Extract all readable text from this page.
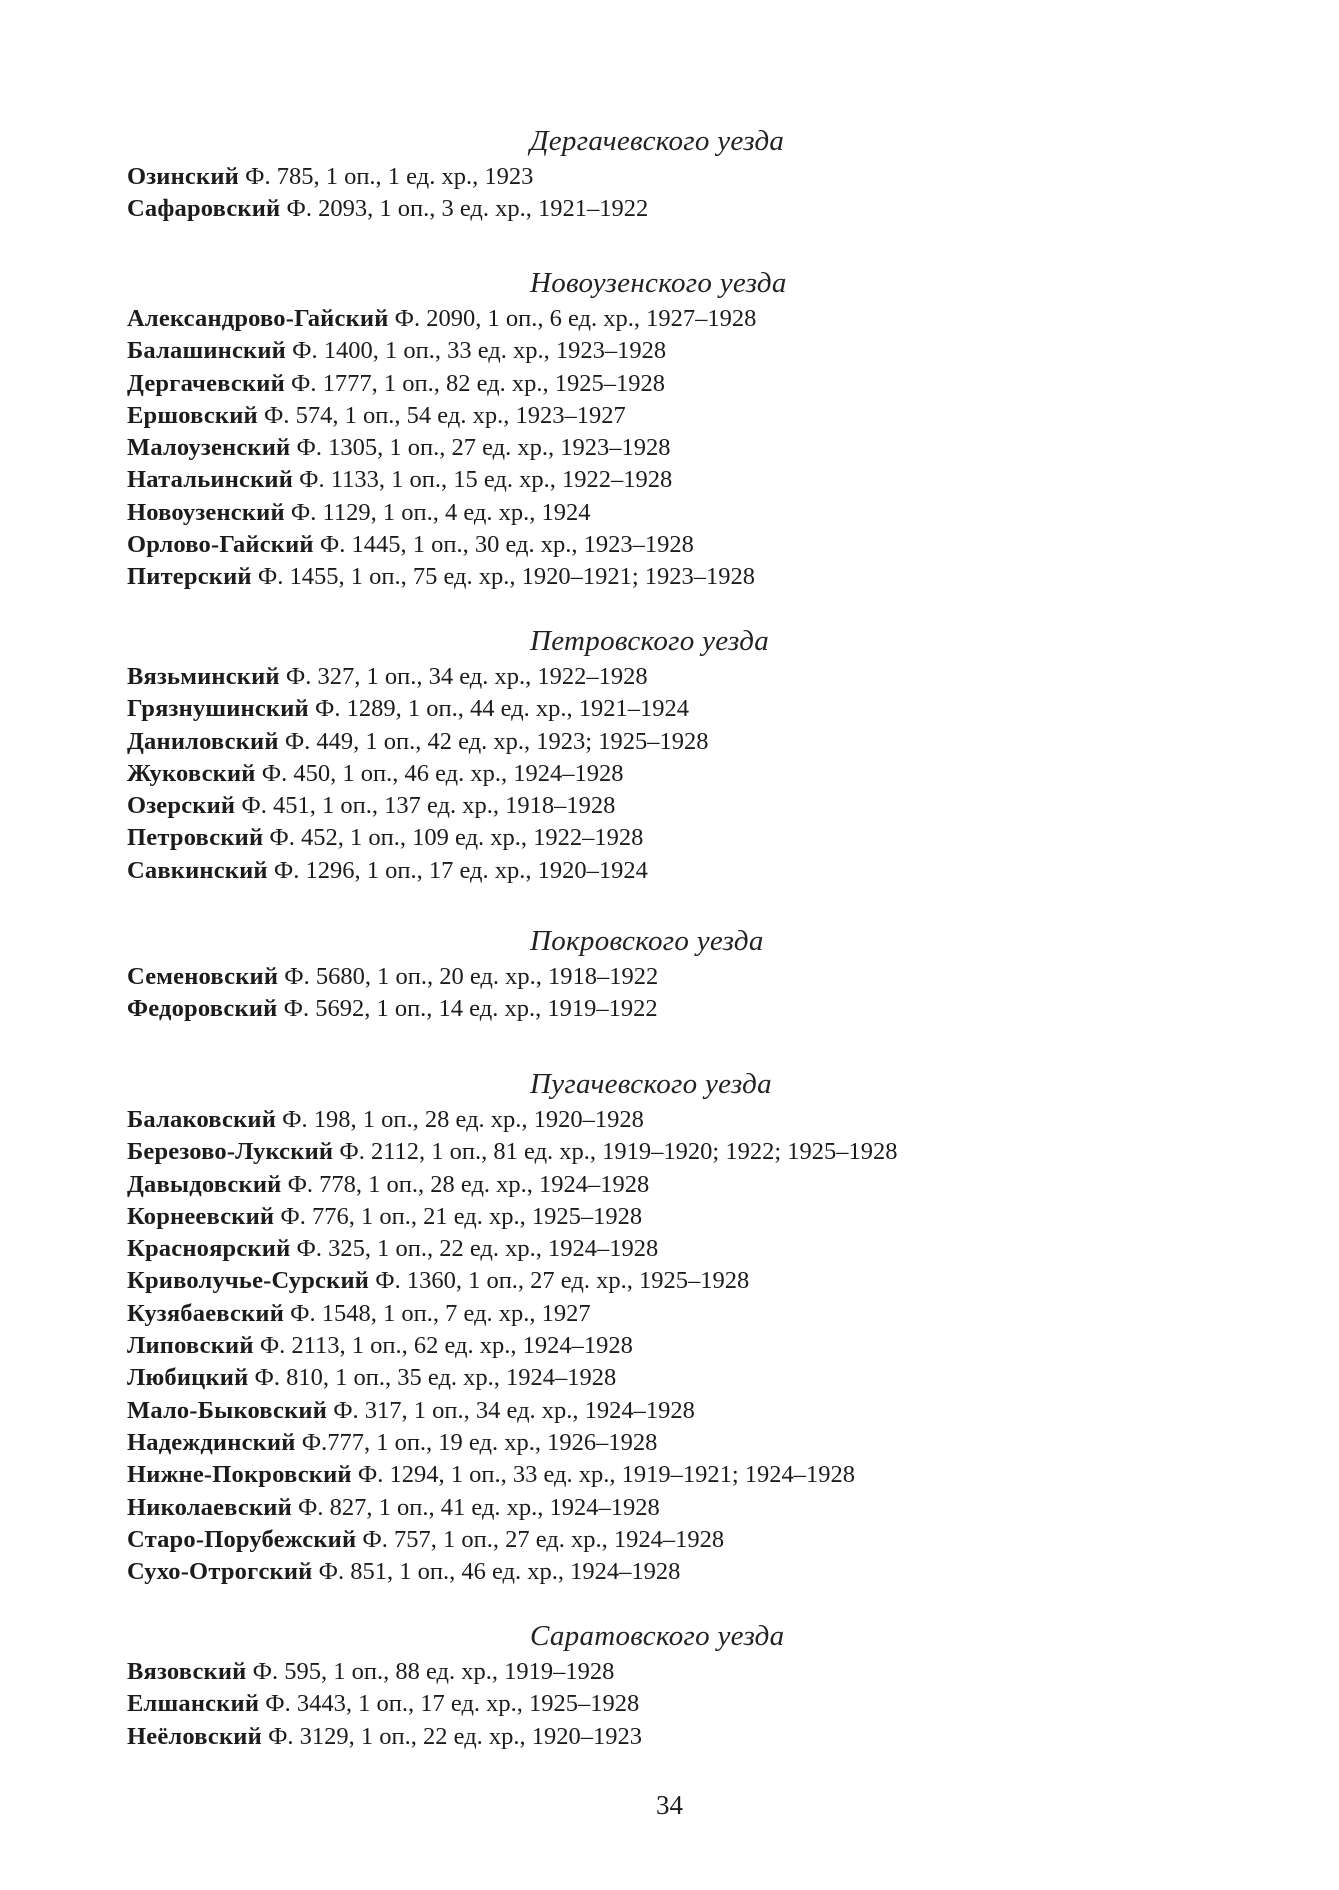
Дергачевского уезда
Озинский Ф. 785, 1 оп., 1 ед. хр., 1923
Сафаровский Ф. 2093, 1 оп., 3 ед. хр., 1921–1922
Новоузенского уезда
Александрово-Гайский Ф. 2090, 1 оп., 6 ед. хр., 1927–1928
Балашинский Ф. 1400, 1 оп., 33 ед. хр., 1923–1928
Дергачевский Ф. 1777, 1 оп., 82 ед. хр., 1925–1928
Ершовский Ф. 574, 1 оп., 54 ед. хр., 1923–1927
Малоузенский Ф. 1305, 1 оп., 27 ед. хр., 1923–1928
Натальинский Ф. 1133, 1 оп., 15 ед. хр., 1922–1928
Новоузенский Ф. 1129, 1 оп., 4 ед. хр., 1924
Орлово-Гайский Ф. 1445, 1 оп., 30 ед. хр., 1923–1928
Питерский Ф. 1455, 1 оп., 75 ед. хр., 1920–1921; 1923–1928
Петровского уезда
Вязьминский Ф. 327, 1 оп., 34 ед. хр., 1922–1928
Грязнушинский Ф. 1289, 1 оп., 44 ед. хр., 1921–1924
Даниловский Ф. 449, 1 оп., 42 ед. хр., 1923; 1925–1928
Жуковский Ф. 450, 1 оп., 46 ед. хр., 1924–1928
Озерский Ф. 451, 1 оп., 137 ед. хр., 1918–1928
Петровский Ф. 452, 1 оп., 109 ед. хр., 1922–1928
Савкинский Ф. 1296, 1 оп., 17 ед. хр., 1920–1924
Покровского уезда
Семеновский Ф. 5680, 1 оп., 20 ед. хр., 1918–1922
Федоровский Ф. 5692, 1 оп., 14 ед. хр., 1919–1922
Пугачевского уезда
Балаковский Ф. 198, 1 оп., 28 ед. хр., 1920–1928
Березово-Лукский Ф. 2112, 1 оп., 81 ед. хр., 1919–1920; 1922; 1925–1928
Давыдовский Ф. 778, 1 оп., 28 ед. хр., 1924–1928
Корнеевский Ф. 776, 1 оп., 21 ед. хр., 1925–1928
Краснoярский Ф. 325, 1 оп., 22 ед. хр., 1924–1928
Криволучье-Сурский Ф. 1360, 1 оп., 27 ед. хр., 1925–1928
Кузябаевский Ф. 1548, 1 оп., 7 ед. хр., 1927
Липовский Ф. 2113, 1 оп., 62 ед. хр., 1924–1928
Любицкий Ф. 810, 1 оп., 35 ед. хр., 1924–1928
Мало-Быковский Ф. 317, 1 оп., 34 ед. хр., 1924–1928
Надеждинский Ф.777, 1 оп., 19 ед. хр., 1926–1928
Нижне-Покровский Ф. 1294, 1 оп., 33 ед. хр., 1919–1921; 1924–1928
Николаевский Ф. 827, 1 оп., 41 ед. хр., 1924–1928
Старо-Порубежский Ф. 757, 1 оп., 27 ед. хр., 1924–1928
Сухо-Отрогский Ф. 851, 1 оп., 46 ед. хр., 1924–1928
Саратовского уезда
Вязовский Ф. 595, 1 оп., 88 ед. хр., 1919–1928
Елшанский Ф. 3443, 1 оп., 17 ед. хр., 1925–1928
Неёловский Ф. 3129, 1 оп., 22 ед. хр., 1920–1923
34
